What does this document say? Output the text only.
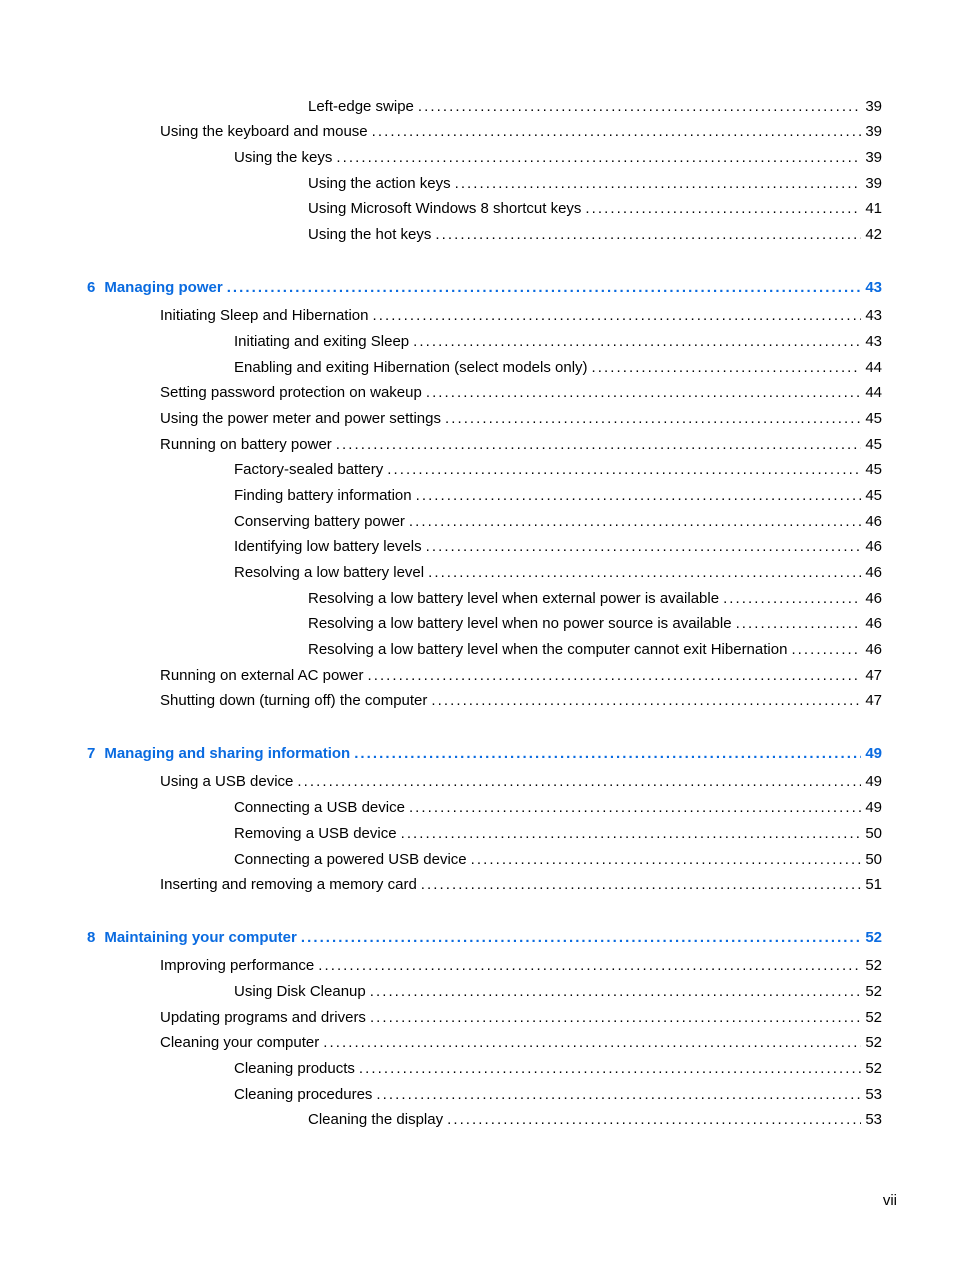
Left-edge swipe . . .	39
Using the keyboard and mouse . . .	39
Using the keys . . .	39
Using the action keys . . .	39
Using Microsoft Windows 8 shortcut keys . . .	41
Using the hot keys . . .	42
6 Managing power . . .	43
Initiating Sleep and Hibernation . . .	43
Initiating and exiting Sleep . . .	43
Enabling and exiting Hibernation (select models only) . . .	44
Setting password protection on wakeup . . .	44
Using the power meter and power settings . . .	45
Running on battery power . . .	45
Factory-sealed battery . . .	45
Finding battery information . . .	45
Conserving battery power . . .	46
Identifying low battery levels . . .	46
Resolving a low battery level . . .	46
Resolving a low battery level when external power is available . . .	46
Resolving a low battery level when no power source is available . . .	46
Resolving a low battery level when the computer cannot exit Hibernation . . .	46
Running on external AC power . . .	47
Shutting down (turning off) the computer . . .	47
7 Managing and sharing information . . .	49
Using a USB device . . .	49
Connecting a USB device . . .	49
Removing a USB device . . .	50
Connecting a powered USB device . . .	50
Inserting and removing a memory card . . .	51
8 Maintaining your computer . . .	52
Improving performance . . .	52
Using Disk Cleanup . . .	52
Updating programs and drivers . . .	52
Cleaning your computer . . .	52
Cleaning products . . .	52
Cleaning procedures . . .	53
Cleaning the display . . .	53
vii
